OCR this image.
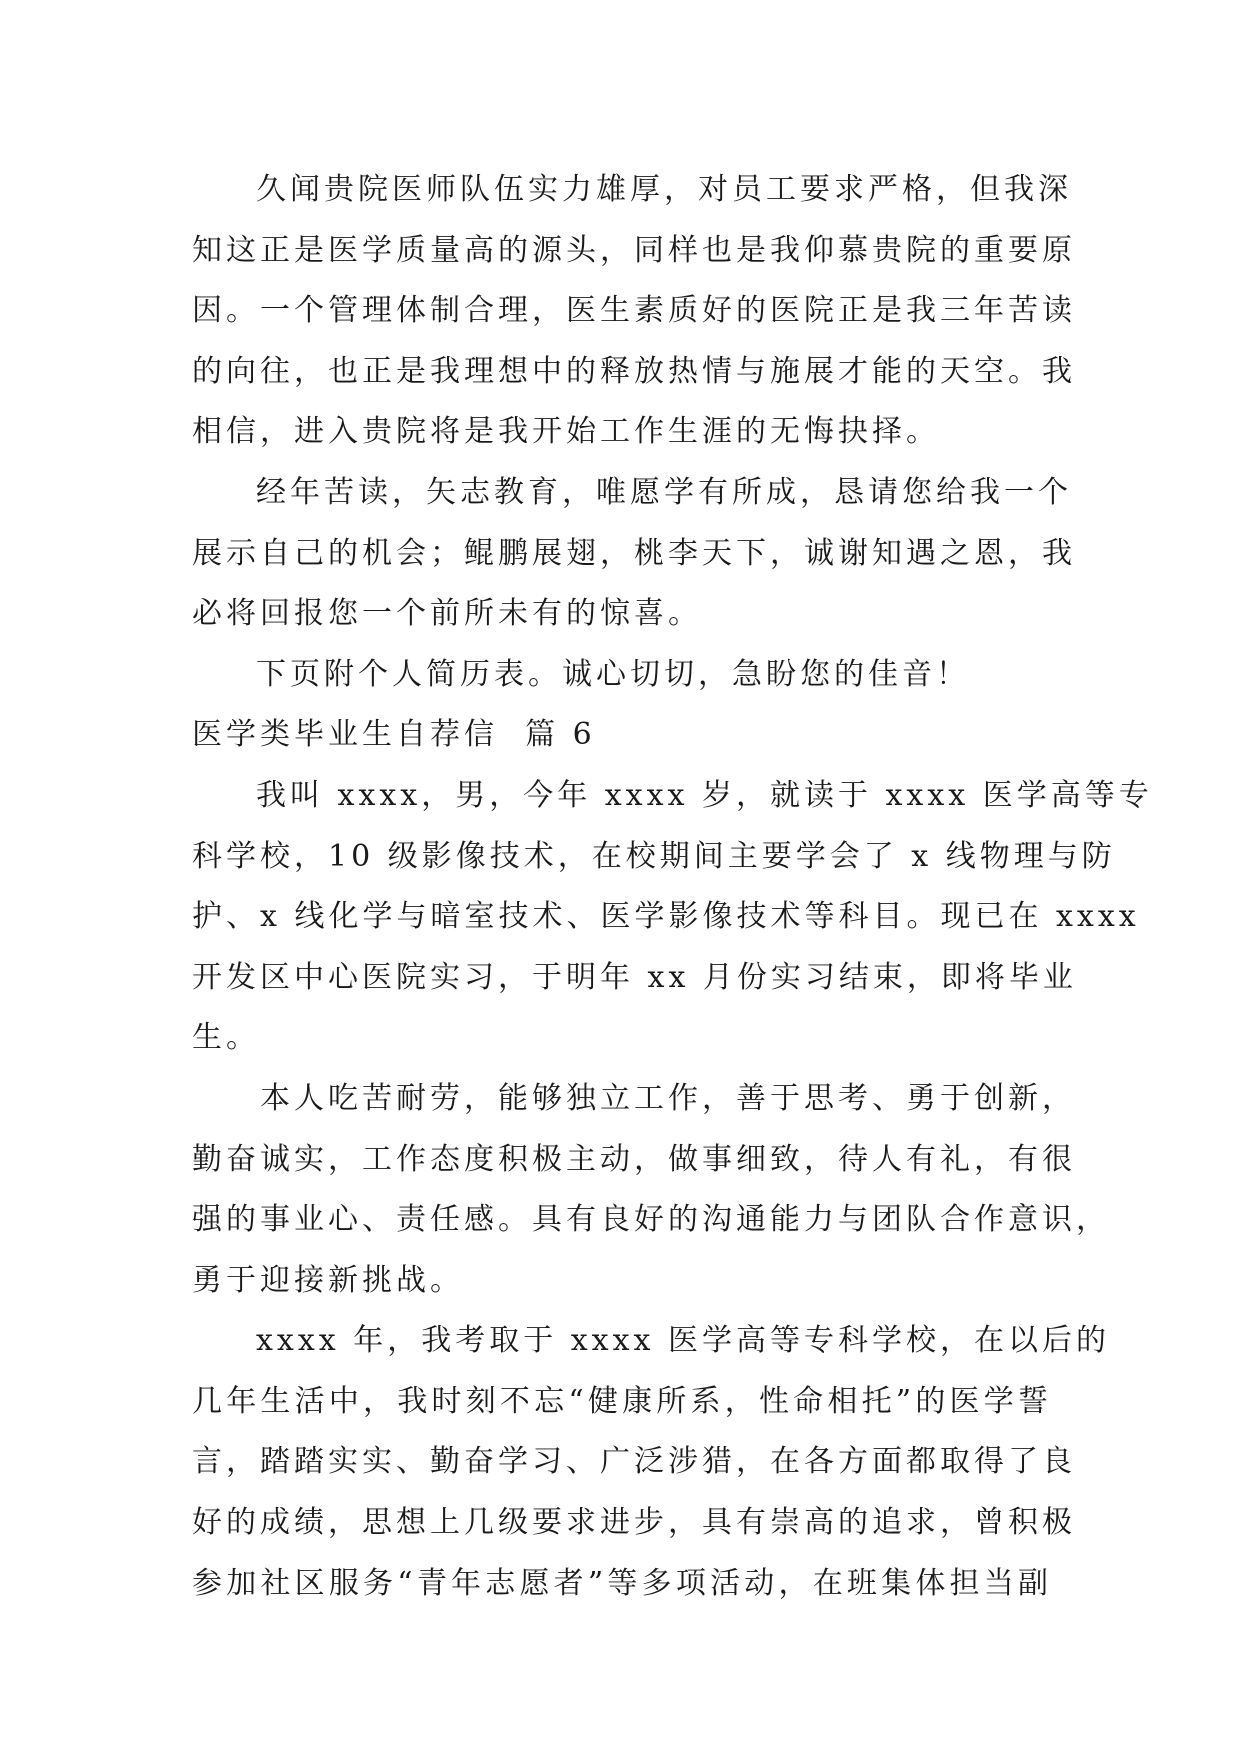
久闻贵院医师队伍实力雄厚，对员工要求严格，但我深
知这正是医学质量高的源头，同样也是我仰慕贵院的重要原
因。一个管理体制合理，医生素质好的医院正是我三年苦读
的向往，也正是我理想中的释放热情与施展才能的天空。我
相信，进入贵院将是我开始工作生涯的无悔抉择。
经年苦读，矢志教育，唯愿学有所成，恳请您给我一个
展示自己的机会；鲲鹏展翅，桃李天下，诚谢知遇之恩，我
必将回报您一个前所未有的惊喜。
下页附个人简历表。诚心切切，急盼您的佳音！
医学类毕业生自荐信  篇 6
我叫 xxxx，男，今年 xxxx 岁，就读于 xxxx 医学高等专
科学校，10 级影像技术，在校期间主要学会了 x 线物理与防
护、x 线化学与暗室技术、医学影像技术等科目。现已在 xxxx
开发区中心医院实习，于明年 xx 月份实习结束，即将毕业
生。
本人吃苦耐劳，能够独立工作，善于思考、勇于创新，
勤奋诚实，工作态度积极主动，做事细致，待人有礼，有很
强的事业心、责任感。具有良好的沟通能力与团队合作意识，
勇于迎接新挑战。
xxxx 年，我考取于 xxxx 医学高等专科学校，在以后的
几年生活中，我时刻不忘“健康所系，性命相托”的医学誓
言，踏踏实实、勤奋学习、广泛涉猎，在各方面都取得了良
好的成绩，思想上几级要求进步，具有崇高的追求，曾积极
参加社区服务“青年志愿者”等多项活动，在班集体担当副
